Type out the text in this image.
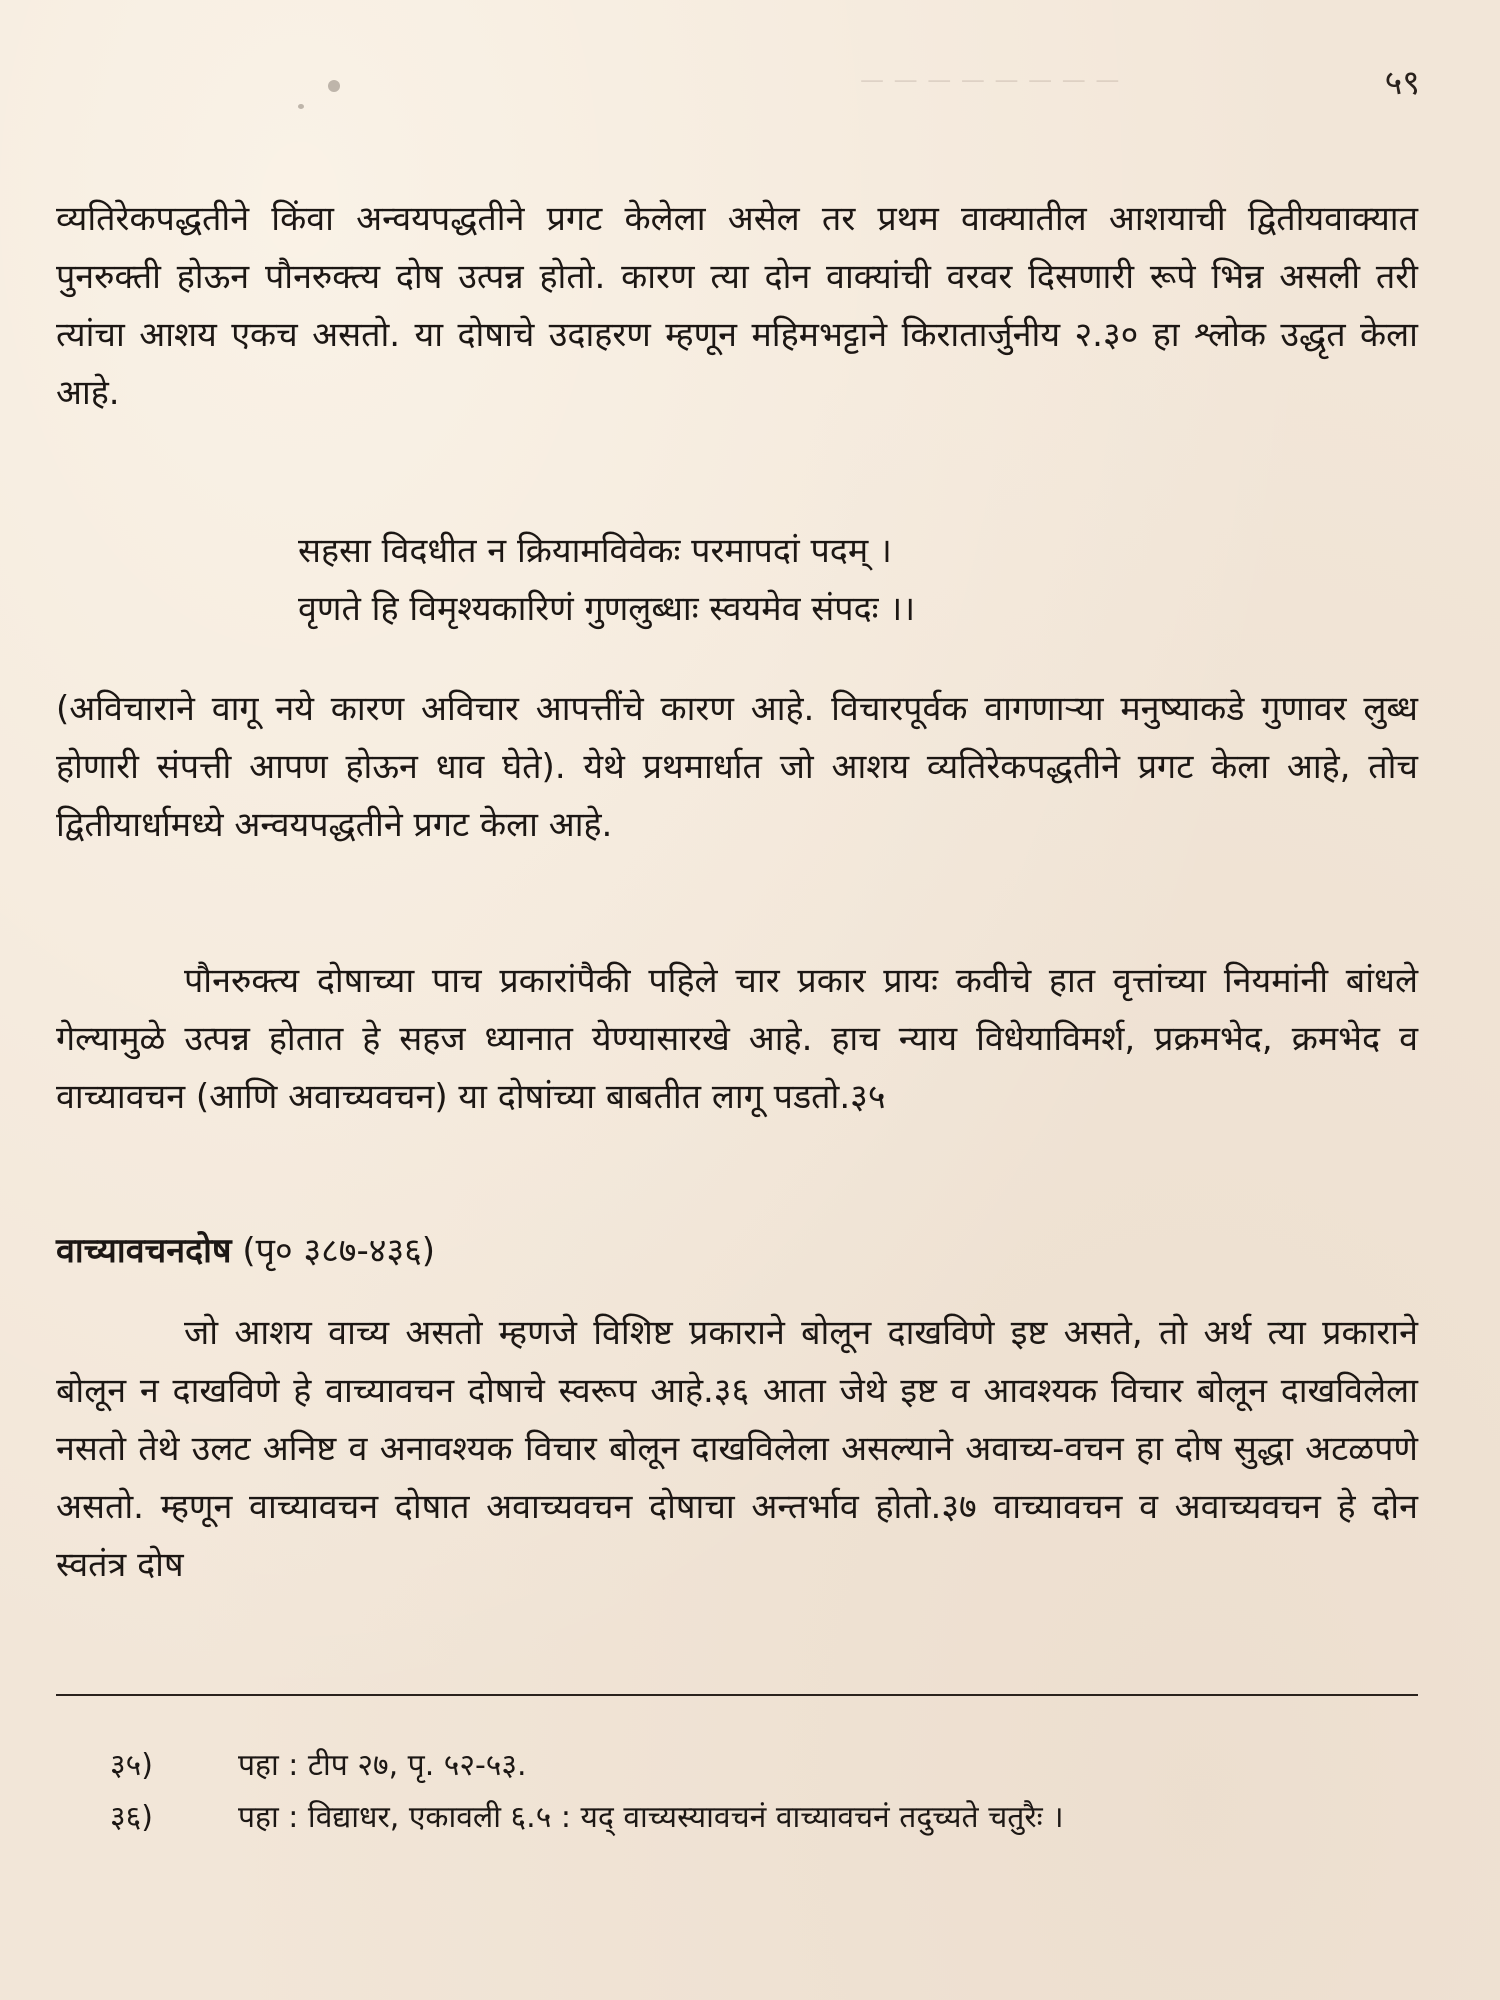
— — — — — — — —	५९

व्यतिरेकपद्धतीने किंवा अन्वयपद्धतीने प्रगट केलेला असेल तर प्रथम वाक्यातील आशयाची द्वितीयवाक्यात पुनरुक्ती होऊन पौनरुक्त्य दोष उत्पन्न होतो. कारण त्या दोन वाक्यांची वरवर दिसणारी रूपे भिन्न असली तरी त्यांचा आशय एकच असतो. या दोषाचे उदाहरण म्हणून महिमभट्टाने किरातार्जुनीय २.३० हा श्लोक उद्धृत केला आहे.

सहसा विदधीत न क्रियामविवेकः परमापदां पदम् ।
वृणते हि विमृश्यकारिणं गुणलुब्धाः स्वयमेव संपदः ।।

(अविचाराने वागू नये कारण अविचार आपत्तींचे कारण आहे. विचारपूर्वक वागणाऱ्या मनुष्याकडे गुणावर लुब्ध होणारी संपत्ती आपण होऊन धाव घेते). येथे प्रथमार्धात जो आशय व्यतिरेकपद्धतीने प्रगट केला आहे, तोच द्वितीयार्धामध्ये अन्वयपद्धतीने प्रगट केला आहे.

पौनरुक्त्य दोषाच्या पाच प्रकारांपैकी पहिले चार प्रकार प्रायः कवीचे हात वृत्तांच्या नियमांनी बांधले गेल्यामुळे उत्पन्न होतात हे सहज ध्यानात येण्यासारखे आहे. हाच न्याय विधेयाविमर्श, प्रक्रमभेद, क्रमभेद व वाच्यावचन (आणि अवाच्यवचन) या दोषांच्या बाबतीत लागू पडतो.३५

वाच्यावचनदोष (पृ० ३८७-४३६)

जो आशय वाच्य असतो म्हणजे विशिष्ट प्रकाराने बोलून दाखविणे इष्ट असते, तो अर्थ त्या प्रकाराने बोलून न दाखविणे हे वाच्यावचन दोषाचे स्वरूप आहे.३६ आता जेथे इष्ट व आवश्यक विचार बोलून दाखविलेला नसतो तेथे उलट अनिष्ट व अनावश्यक विचार बोलून दाखविलेला असल्याने अवाच्य-वचन हा दोष सुद्धा अटळपणे असतो. म्हणून वाच्यावचन दोषात अवाच्यवचन दोषाचा अन्तर्भाव होतो.३७ वाच्यावचन व अवाच्यवचन हे दोन स्वतंत्र दोष

३५)	पहा : टीप २७, पृ. ५२-५३.
३६)	पहा : विद्याधर, एकावली ६.५ : यद् वाच्यस्यावचनं वाच्यावचनं तदुच्यते चतुरैः ।
